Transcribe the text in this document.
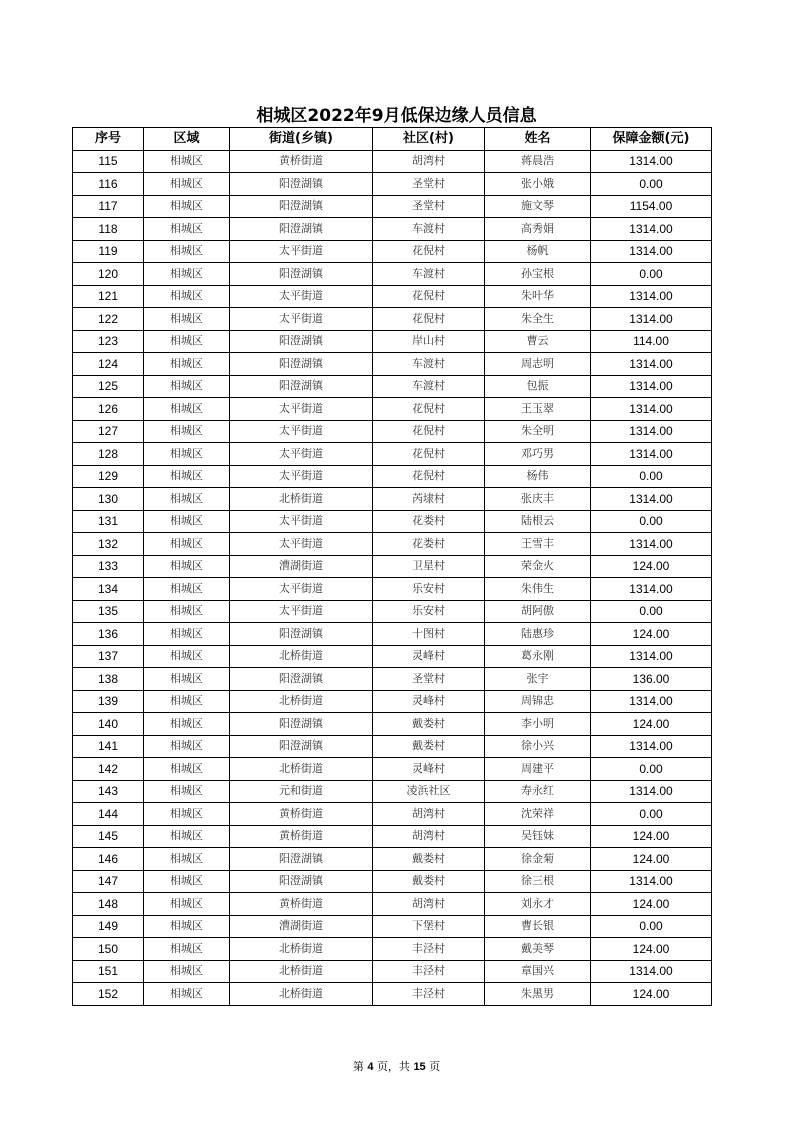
相城区2022年9月低保边缘人员信息
序号	区域	街道(乡镇)	社区(村)	姓名	保障金额(元)
115	相城区	黄桥街道	胡湾村	蒋晨浩	1314.00
116	相城区	阳澄湖镇	圣堂村	张小娥	0.00
117	相城区	阳澄湖镇	圣堂村	施文琴	1154.00
118	相城区	阳澄湖镇	车渡村	高秀娟	1314.00
119	相城区	太平街道	花倪村	杨帆	1314.00
120	相城区	阳澄湖镇	车渡村	孙宝根	0.00
121	相城区	太平街道	花倪村	朱叶华	1314.00
122	相城区	太平街道	花倪村	朱全生	1314.00
123	相城区	阳澄湖镇	岸山村	曹云	114.00
124	相城区	阳澄湖镇	车渡村	周志明	1314.00
125	相城区	阳澄湖镇	车渡村	包振	1314.00
126	相城区	太平街道	花倪村	王玉翠	1314.00
127	相城区	太平街道	花倪村	朱全明	1314.00
128	相城区	太平街道	花倪村	邓巧男	1314.00
129	相城区	太平街道	花倪村	杨伟	0.00
130	相城区	北桥街道	芮埭村	张庆丰	1314.00
131	相城区	太平街道	花娄村	陆根云	0.00
132	相城区	太平街道	花娄村	王雪丰	1314.00
133	相城区	漕湖街道	卫星村	荣金火	124.00
134	相城区	太平街道	乐安村	朱伟生	1314.00
135	相城区	太平街道	乐安村	胡阿傲	0.00
136	相城区	阳澄湖镇	十图村	陆惠珍	124.00
137	相城区	北桥街道	灵峰村	葛永刚	1314.00
138	相城区	阳澄湖镇	圣堂村	张宇	136.00
139	相城区	北桥街道	灵峰村	周锦忠	1314.00
140	相城区	阳澄湖镇	戴娄村	李小明	124.00
141	相城区	阳澄湖镇	戴娄村	徐小兴	1314.00
142	相城区	北桥街道	灵峰村	周建平	0.00
143	相城区	元和街道	凌浜社区	寿永红	1314.00
144	相城区	黄桥街道	胡湾村	沈荣祥	0.00
145	相城区	黄桥街道	胡湾村	吴钰妹	124.00
146	相城区	阳澄湖镇	戴娄村	徐金菊	124.00
147	相城区	阳澄湖镇	戴娄村	徐三根	1314.00
148	相城区	黄桥街道	胡湾村	刘永才	124.00
149	相城区	漕湖街道	下堡村	曹长银	0.00
150	相城区	北桥街道	丰泾村	戴美琴	124.00
151	相城区	北桥街道	丰泾村	章国兴	1314.00
152	相城区	北桥街道	丰泾村	朱黑男	124.00
第 4 页，共 15 页
